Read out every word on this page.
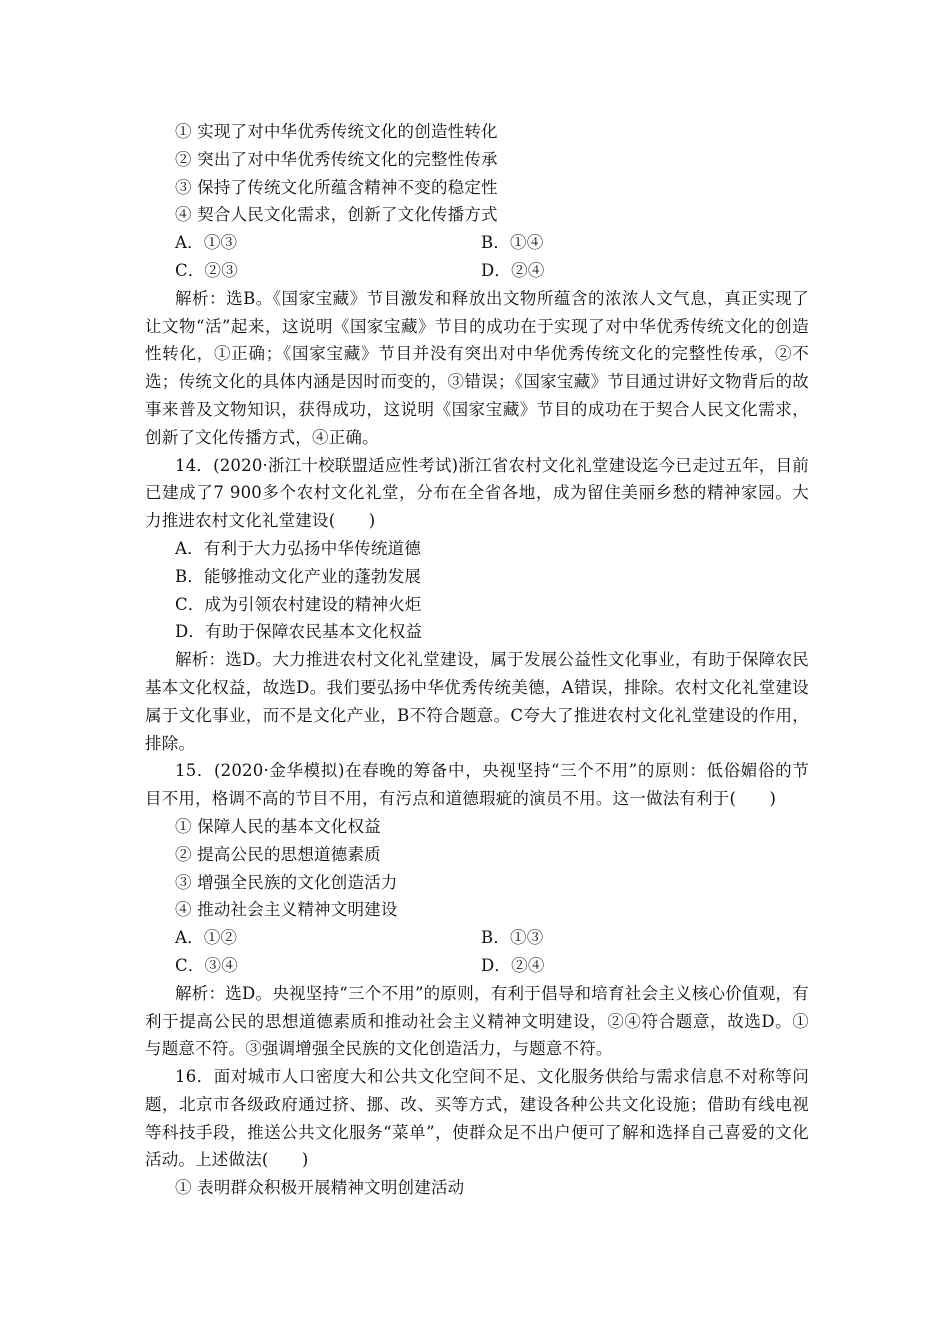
① 实现了对中华优秀传统文化的创造性转化
② 突出了对中华优秀传统文化的完整性传承
③ 保持了传统文化所蕴含精神不变的稳定性
④ 契合人民文化需求，创新了文化传播方式
A．①③	B．①④
C．②③	D．②④
解析：选B。《国家宝藏》节目激发和释放出文物所蕴含的浓浓人文气息，真正实现了让文物“活”起来，这说明《国家宝藏》节目的成功在于实现了对中华优秀传统文化的创造性转化，①正确；《国家宝藏》节目并没有突出对中华优秀传统文化的完整性传承，②不选；传统文化的具体内涵是因时而变的，③错误；《国家宝藏》节目通过讲好文物背后的故事来普及文物知识，获得成功，这说明《国家宝藏》节目的成功在于契合人民文化需求，创新了文化传播方式，④正确。
14．(2020·浙江十校联盟适应性考试)浙江省农村文化礼堂建设迄今已走过五年，目前已建成了7 900多个农村文化礼堂，分布在全省各地，成为留住美丽乡愁的精神家园。大力推进农村文化礼堂建设(　　)
A．有利于大力弘扬中华传统道德
B．能够推动文化产业的蓬勃发展
C．成为引领农村建设的精神火炬
D．有助于保障农民基本文化权益
解析：选D。大力推进农村文化礼堂建设，属于发展公益性文化事业，有助于保障农民基本文化权益，故选D。我们要弘扬中华优秀传统美德，A错误，排除。农村文化礼堂建设属于文化事业，而不是文化产业，B不符合题意。C夸大了推进农村文化礼堂建设的作用，排除。
15．(2020·金华模拟)在春晚的筹备中，央视坚持“三个不用”的原则：低俗媚俗的节目不用，格调不高的节目不用，有污点和道德瑕疵的演员不用。这一做法有利于(　　)
① 保障人民的基本文化权益
② 提高公民的思想道德素质
③ 增强全民族的文化创造活力
④ 推动社会主义精神文明建设
A．①②	B．①③
C．③④	D．②④
解析：选D。央视坚持“三个不用”的原则，有利于倡导和培育社会主义核心价值观，有利于提高公民的思想道德素质和推动社会主义精神文明建设，②④符合题意，故选D。①与题意不符。③强调增强全民族的文化创造活力，与题意不符。
16．面对城市人口密度大和公共文化空间不足、文化服务供给与需求信息不对称等问题，北京市各级政府通过挤、挪、改、买等方式，建设各种公共文化设施；借助有线电视等科技手段，推送公共文化服务“菜单”，使群众足不出户便可了解和选择自己喜爱的文化活动。上述做法(　　)
① 表明群众积极开展精神文明创建活动
